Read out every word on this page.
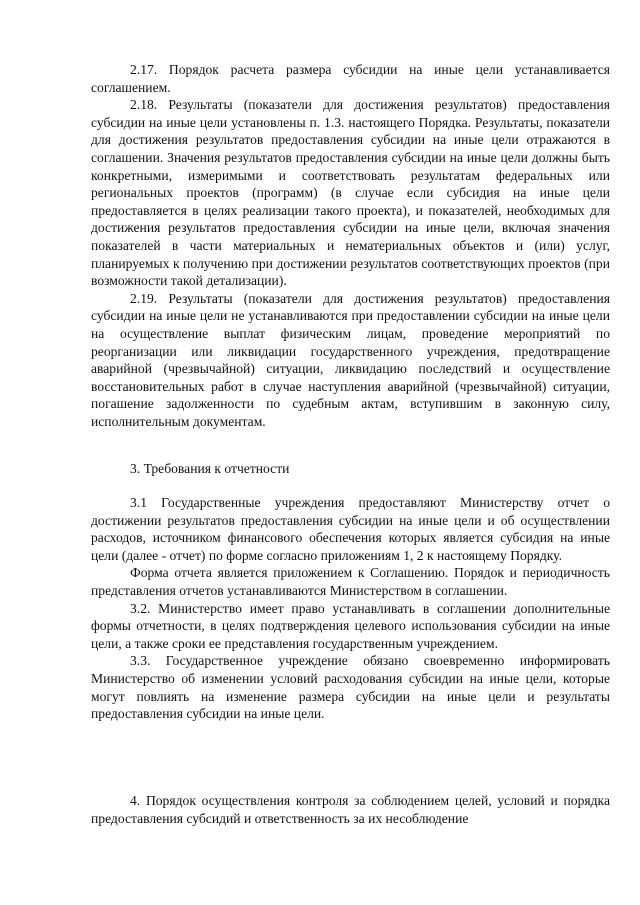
2.17. Порядок расчета размера субсидии на иные цели устанавливается соглашением.

2.18. Результаты (показатели для достижения результатов) предоставления субсидии на иные цели установлены п. 1.3. настоящего Порядка. Результаты, показатели для достижения результатов предоставления субсидии на иные цели отражаются в соглашении. Значения результатов предоставления субсидии на иные цели должны быть конкретными, измеримыми и соответствовать результатам федеральных или региональных проектов (программ) (в случае если субсидия на иные цели предоставляется в целях реализации такого проекта), и показателей, необходимых для достижения результатов предоставления субсидии на иные цели, включая значения показателей в части материальных и нематериальных объектов и (или) услуг, планируемых к получению при достижении результатов соответствующих проектов (при возможности такой детализации).

2.19. Результаты (показатели для достижения результатов) предоставления субсидии на иные цели не устанавливаются при предоставлении субсидии на иные цели на осуществление выплат физическим лицам, проведение мероприятий по реорганизации или ликвидации государственного учреждения, предотвращение аварийной (чрезвычайной) ситуации, ликвидацию последствий и осуществление восстановительных работ в случае наступления аварийной (чрезвычайной) ситуации, погашение задолженности по судебным актам, вступившим в законную силу, исполнительным документам.

3. Требования к отчетности

3.1 Государственные учреждения предоставляют Министерству отчет о достижении результатов предоставления субсидии на иные цели и об осуществлении расходов, источником финансового обеспечения которых является субсидия на иные цели (далее - отчет) по форме согласно приложениям 1, 2 к настоящему Порядку.

Форма отчета является приложением к Соглашению. Порядок и периодичность представления отчетов устанавливаются Министерством в соглашении.

3.2. Министерство имеет право устанавливать в соглашении дополнительные формы отчетности, в целях подтверждения целевого использования субсидии на иные цели, а также сроки ее представления государственным учреждением.

3.3. Государственное учреждение обязано своевременно информировать Министерство об изменении условий расходования субсидии на иные цели, которые могут повлиять на изменение размера субсидии на иные цели и результаты предоставления субсидии на иные цели.

4. Порядок осуществления контроля за соблюдением целей, условий и порядка предоставления субсидий и ответственность за их несоблюдение
